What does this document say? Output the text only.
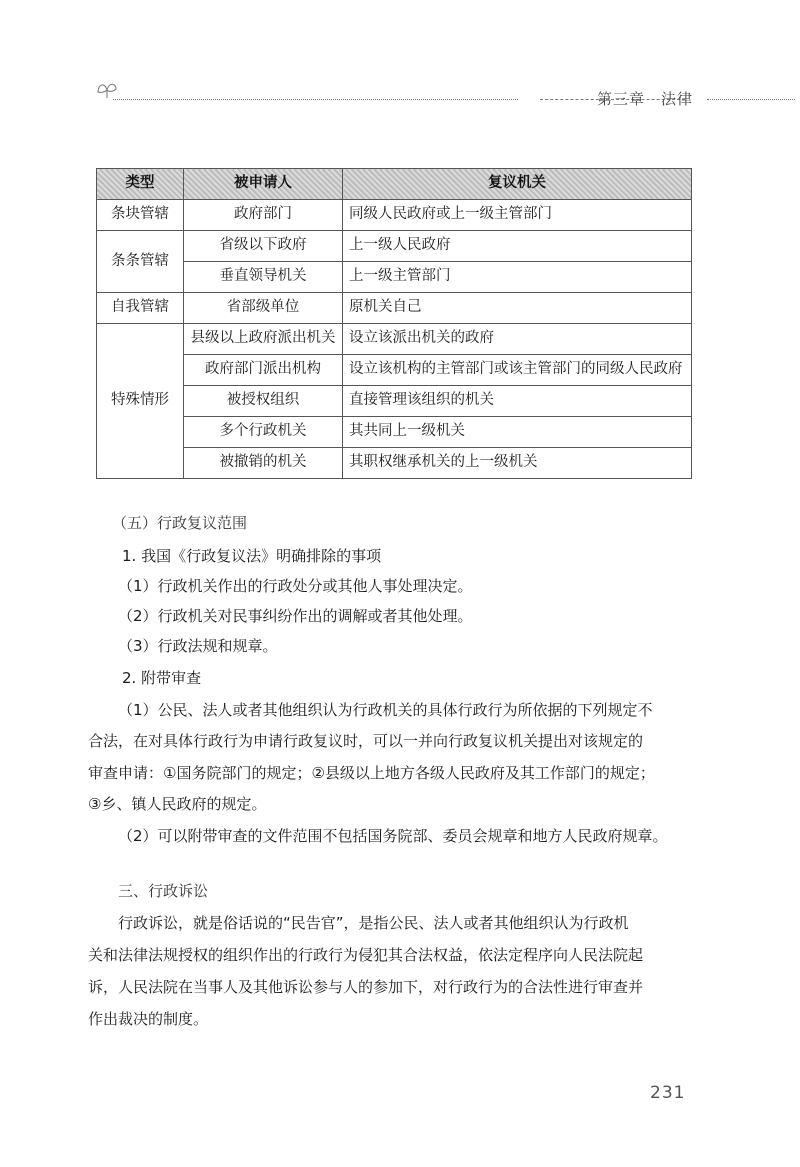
第三章 法律
类型	被申请人	复议机关
条块管辖	政府部门	同级人民政府或上一级主管部门
条条管辖	省级以下政府	上一级人民政府
	垂直领导机关	上一级主管部门
自我管辖	省部级单位	原机关自己
特殊情形	县级以上政府派出机关	设立该派出机关的政府
	政府部门派出机构	设立该机构的主管部门或该主管部门的同级人民政府
	被授权组织	直接管理该组织的机关
	多个行政机关	其共同上一级机关
	被撤销的机关	其职权继承机关的上一级机关
（五）行政复议范围
1. 我国《行政复议法》明确排除的事项
（1）行政机关作出的行政处分或其他人事处理决定。
（2）行政机关对民事纠纷作出的调解或者其他处理。
（3）行政法规和规章。
2. 附带审查
（1）公民、法人或者其他组织认为行政机关的具体行政行为所依据的下列规定不
合法，在对具体行政行为申请行政复议时，可以一并向行政复议机关提出对该规定的
审查申请：①国务院部门的规定；②县级以上地方各级人民政府及其工作部门的规定；
③乡、镇人民政府的规定。
（2）可以附带审查的文件范围不包括国务院部、委员会规章和地方人民政府规章。
三、行政诉讼
行政诉讼，就是俗话说的“民告官”，是指公民、法人或者其他组织认为行政机
关和法律法规授权的组织作出的行政行为侵犯其合法权益，依法定程序向人民法院起
诉，人民法院在当事人及其他诉讼参与人的参加下，对行政行为的合法性进行审查并
作出裁决的制度。
231
